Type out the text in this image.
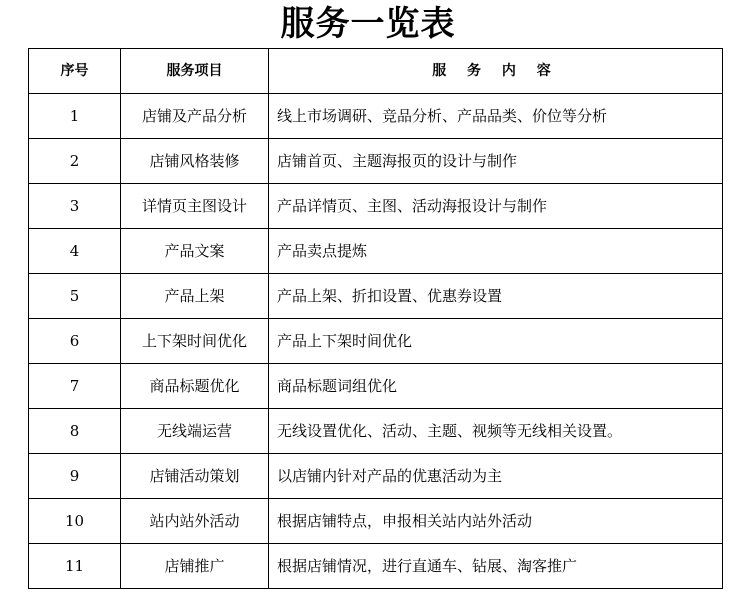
服务一览表
序号	服务项目	服 务 内 容
1	店铺及产品分析	线上市场调研、竞品分析、产品品类、价位等分析
2	店铺风格装修	店铺首页、主题海报页的设计与制作
3	详情页主图设计	产品详情页、主图、活动海报设计与制作
4	产品文案	产品卖点提炼
5	产品上架	产品上架、折扣设置、优惠券设置
6	上下架时间优化	产品上下架时间优化
7	商品标题优化	商品标题词组优化
8	无线端运营	无线设置优化、活动、主题、视频等无线相关设置。
9	店铺活动策划	以店铺内针对产品的优惠活动为主
10	站内站外活动	根据店铺特点，申报相关站内站外活动
11	店铺推广	根据店铺情况，进行直通车、钻展、淘客推广
